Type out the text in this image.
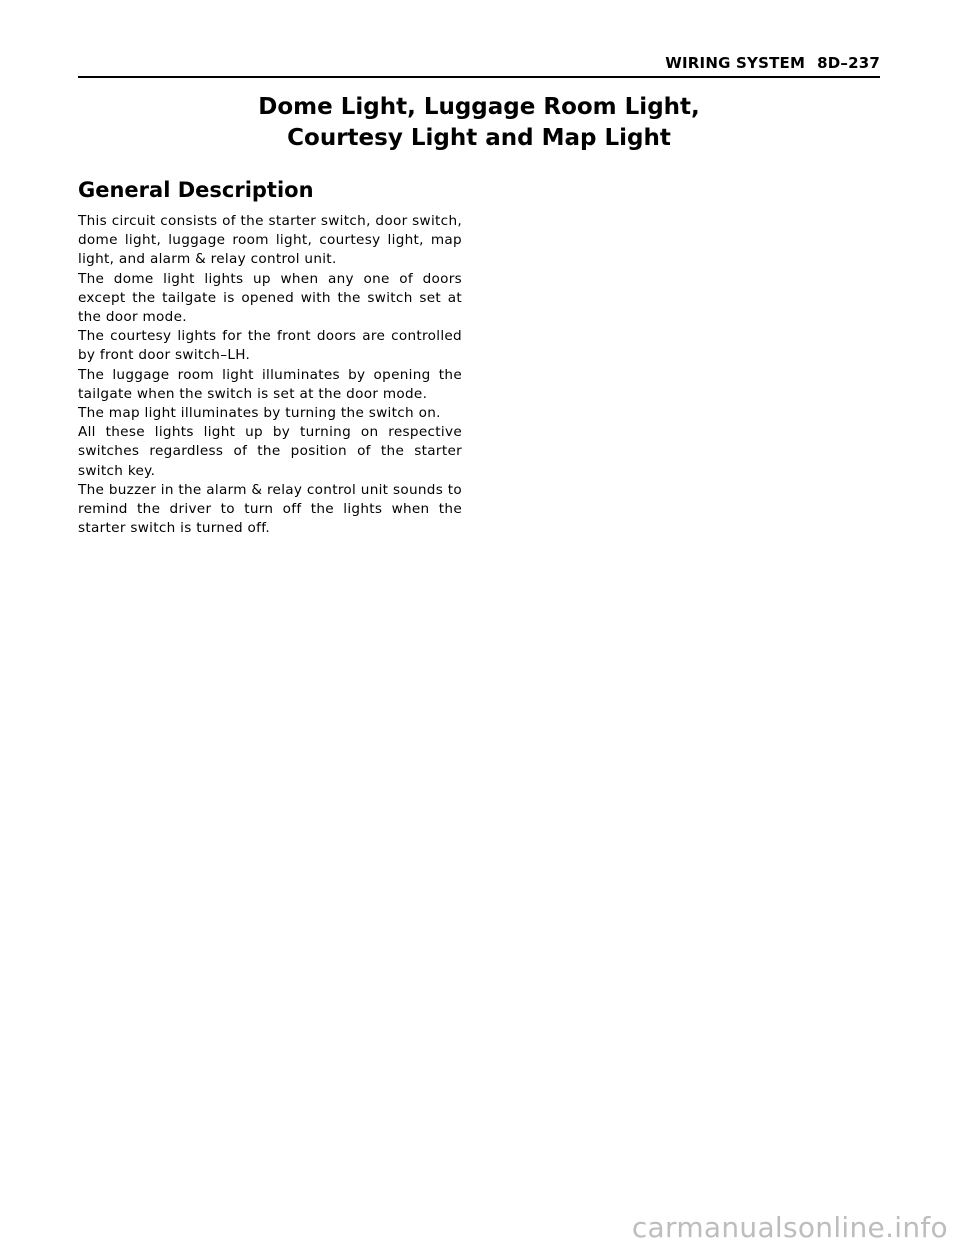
WIRING SYSTEM 8D–237
Dome Light, Luggage Room Light,
Courtesy Light and Map Light
General Description

This circuit consists of the starter switch, door switch, dome light, luggage room light, courtesy light, map light, and alarm & relay control unit.

The dome light lights up when any one of doors except the tailgate is opened with the switch set at the door mode.

The courtesy lights for the front doors are controlled by front door switch–LH.

The luggage room light illuminates by opening the tailgate when the switch is set at the door mode.

The map light illuminates by turning the switch on.

All these lights light up by turning on respective switches regardless of the position of the starter switch key.

The buzzer in the alarm & relay control unit sounds to remind the driver to turn off the lights when the starter switch is turned off.

carmanualsonline.info
